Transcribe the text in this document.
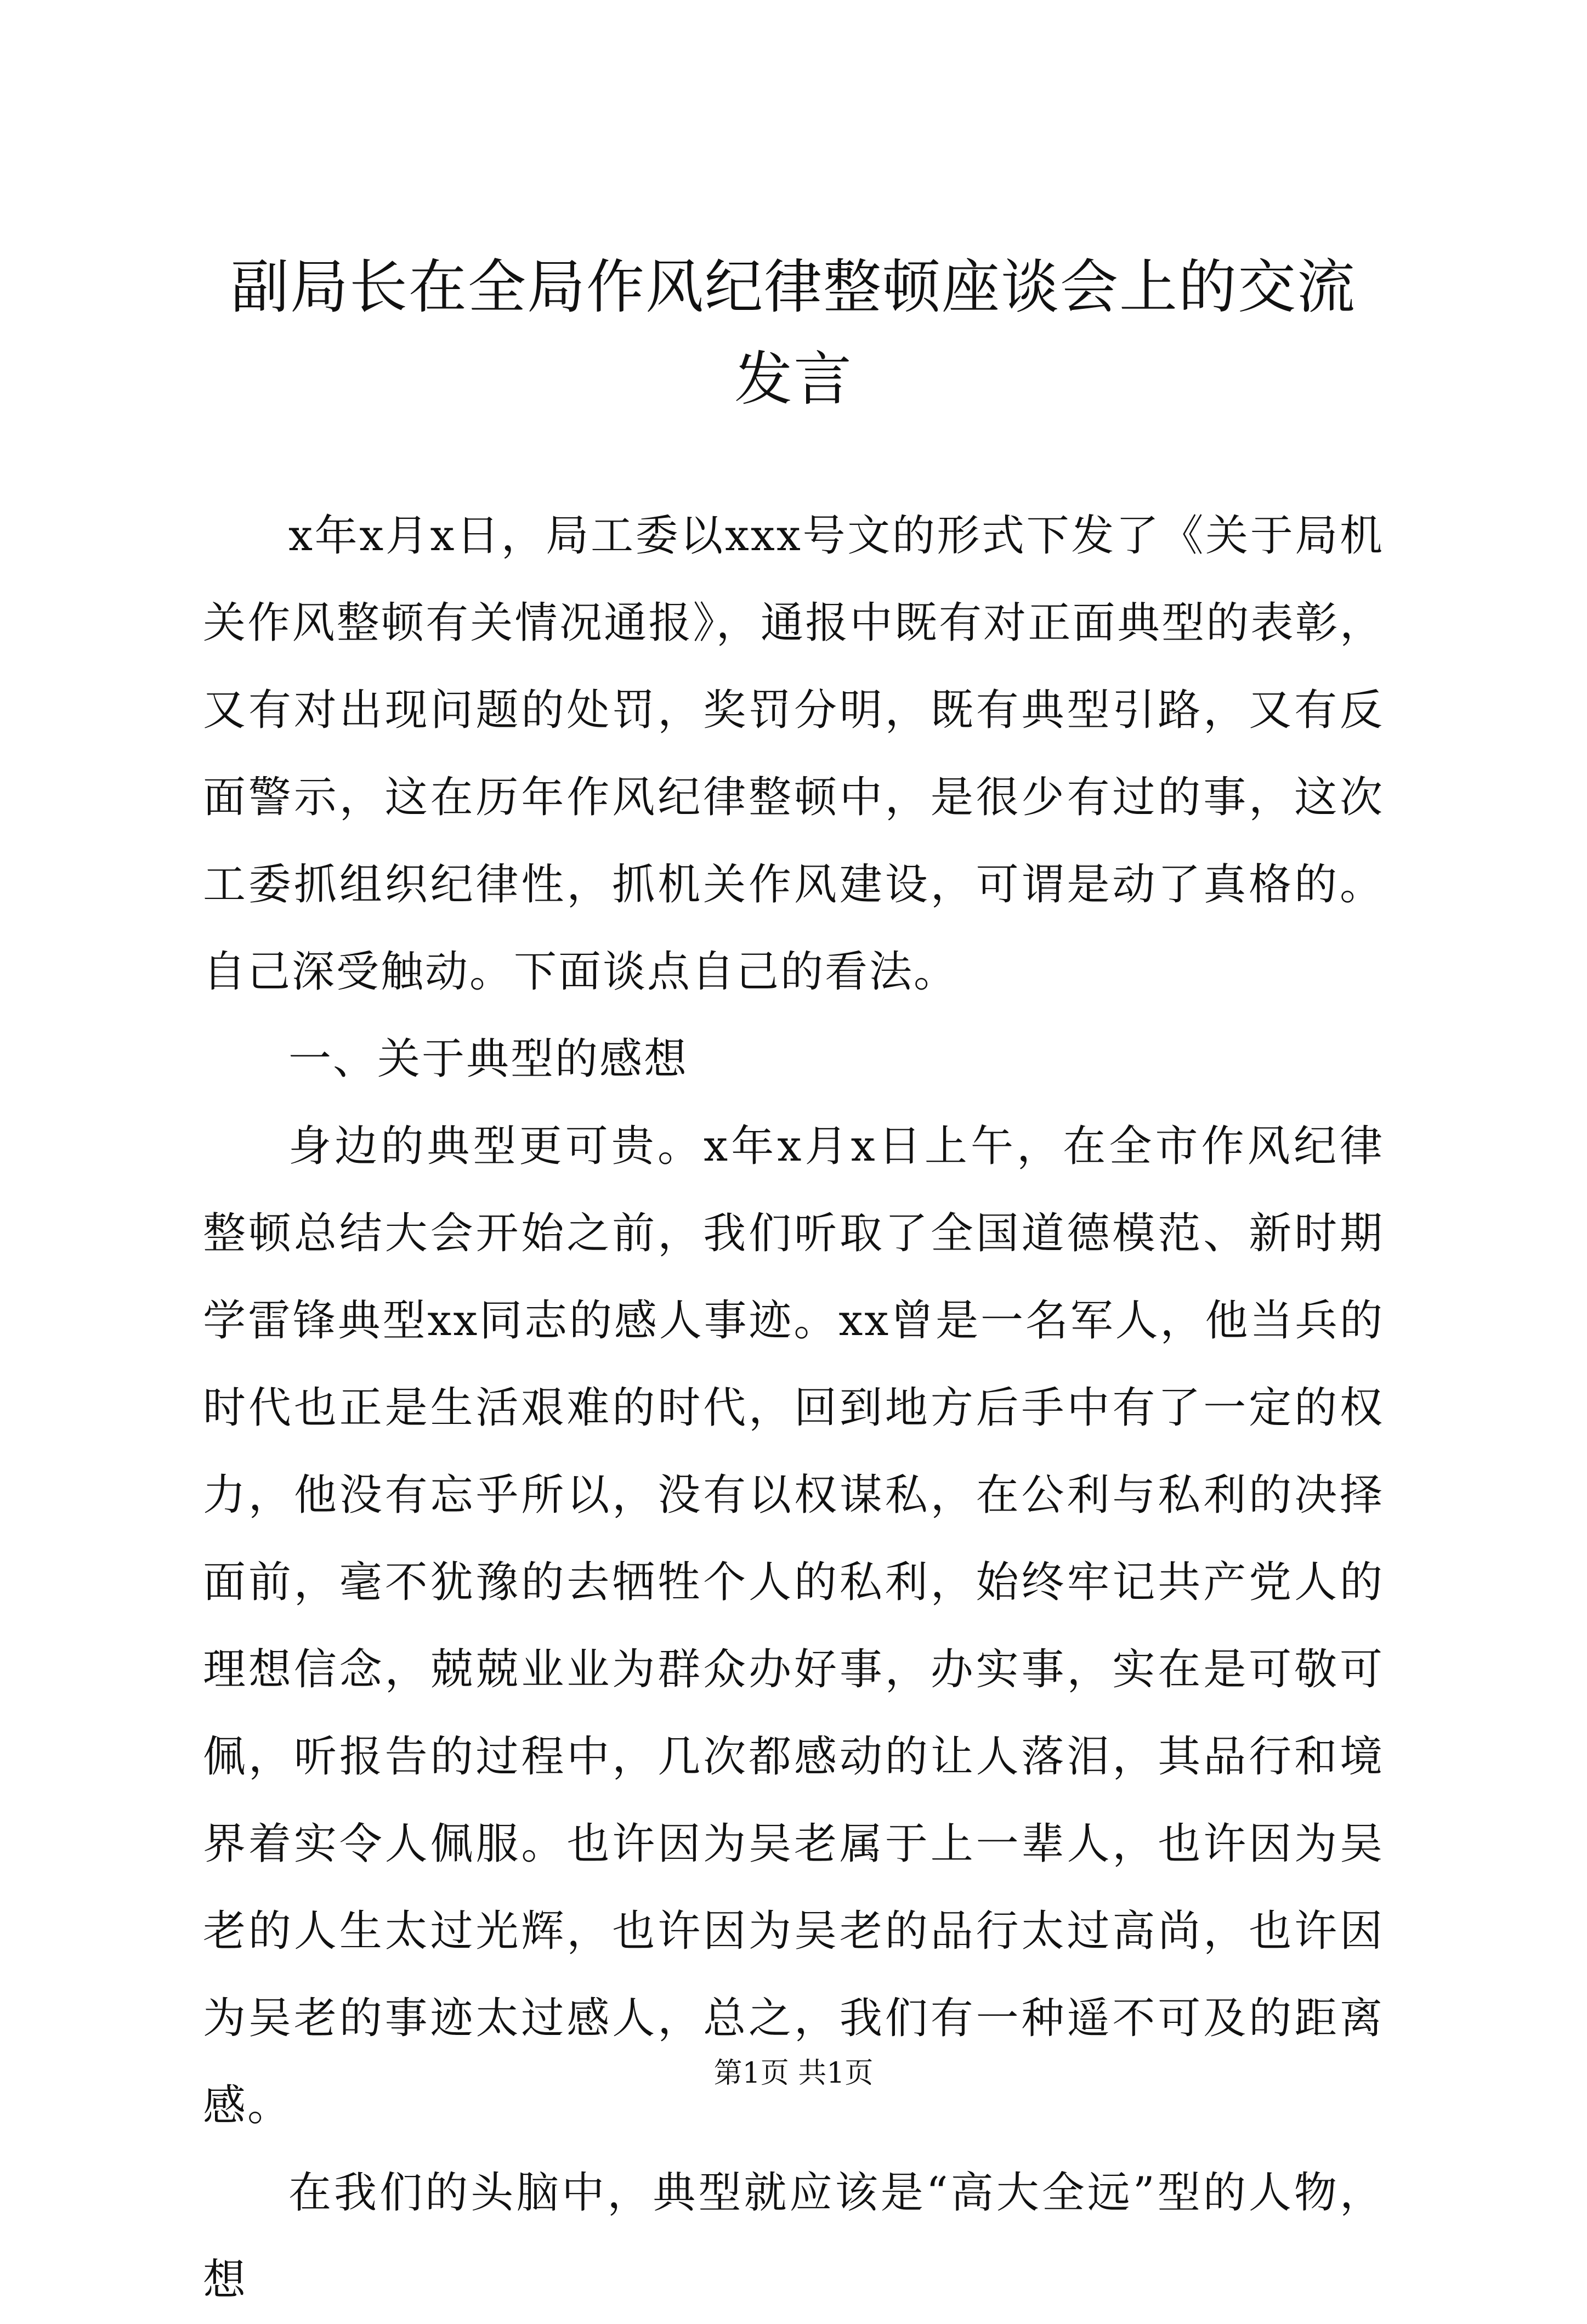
副局长在全局作风纪律整顿座谈会上的交流发言

x年x月x日，局工委以xxx号文的形式下发了《关于局机关作风整顿有关情况通报》，通报中既有对正面典型的表彰，又有对出现问题的处罚，奖罚分明，既有典型引路，又有反面警示，这在历年作风纪律整顿中，是很少有过的事，这次工委抓组织纪律性，抓机关作风建设，可谓是动了真格的。自己深受触动。下面谈点自己的看法。

一、关于典型的感想

身边的典型更可贵。x年x月x日上午，在全市作风纪律整顿总结大会开始之前，我们听取了全国道德模范、新时期学雷锋典型xx同志的感人事迹。xx曾是一名军人，他当兵的时代也正是生活艰难的时代，回到地方后手中有了一定的权力，他没有忘乎所以，没有以权谋私，在公利与私利的决择面前，毫不犹豫的去牺牲个人的私利，始终牢记共产党人的理想信念，兢兢业业为群众办好事，办实事，实在是可敬可佩，听报告的过程中，几次都感动的让人落泪，其品行和境界着实令人佩服。也许因为吴老属于上一辈人，也许因为吴老的人生太过光辉，也许因为吴老的品行太过高尚，也许因为吴老的事迹太过感人，总之，我们有一种遥不可及的距离感。

在我们的头脑中，典型就应该是“高大全远”型的人物，想

第1页 共1页
